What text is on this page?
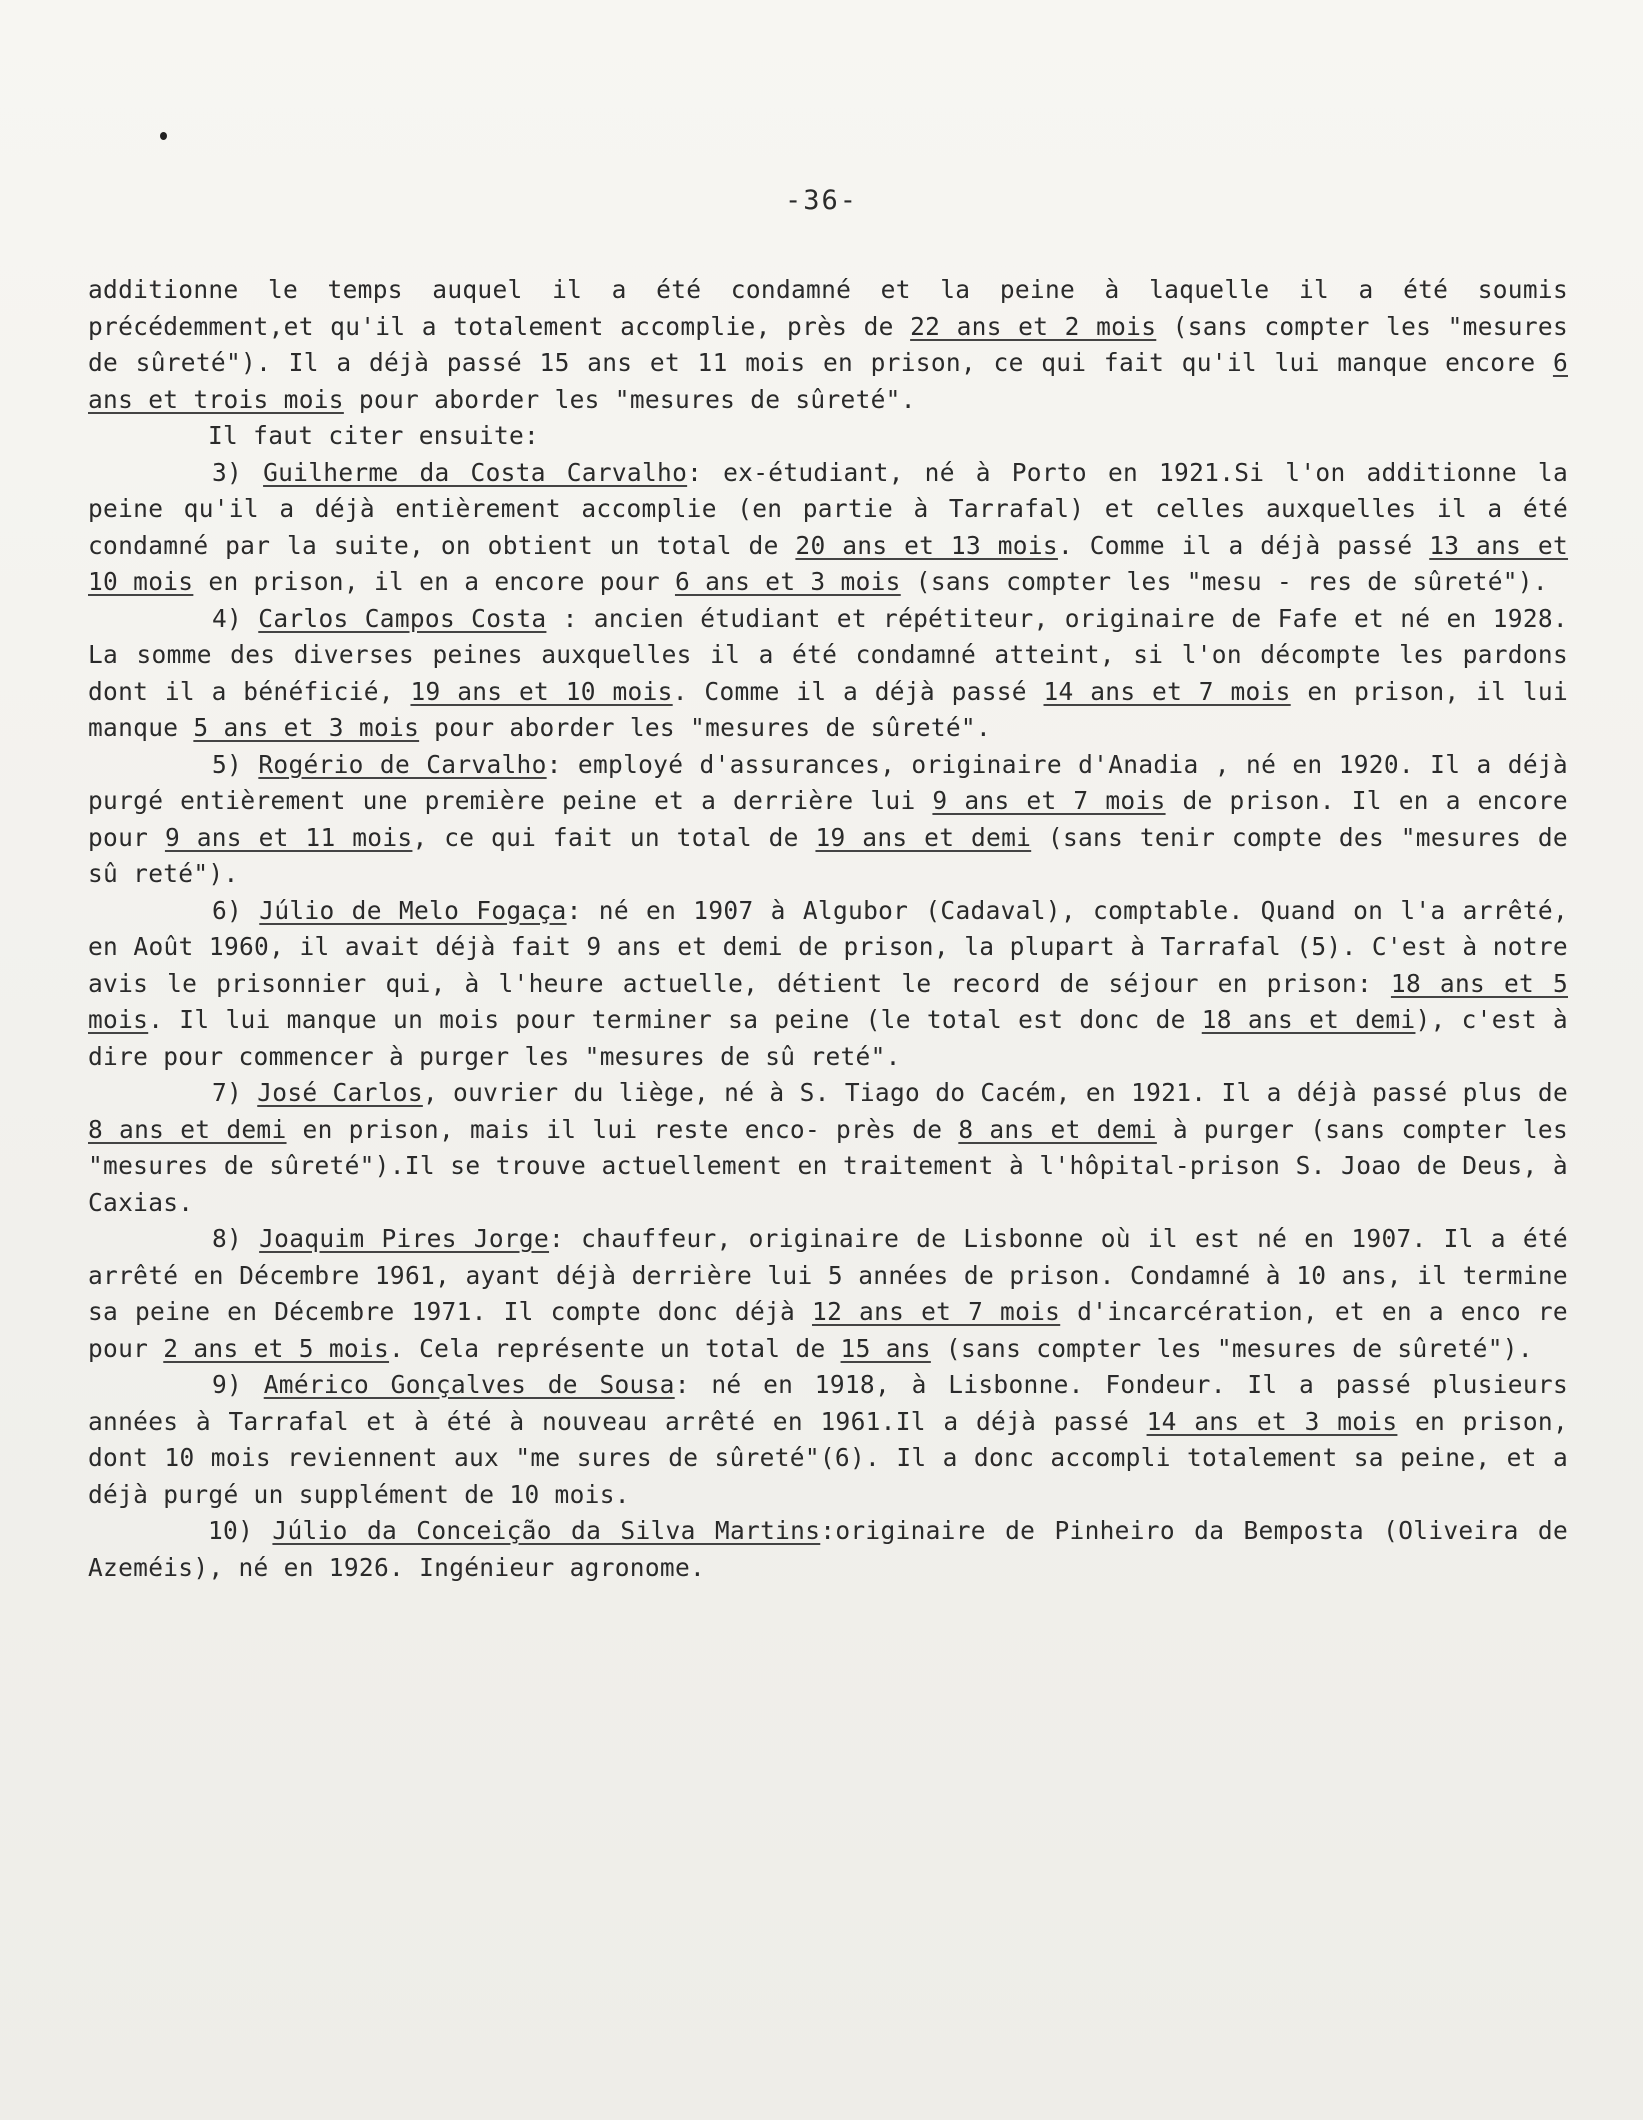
-36-

additionne le temps auquel il a été condamné et la peine à laquelle il a été soumis précédemment,et qu'il a totalement accomplie, près de 22 ans et 2 mois (sans compter les "mesures de sûreté"). Il a déjà passé 15 ans et 11 mois en prison, ce qui fait qu'il lui manque encore 6 ans et trois mois pour aborder les "mesures de sûreté".

Il faut citer ensuite:

3) Guilherme da Costa Carvalho: ex-étudiant, né à Porto en 1921.Si l'on additionne la peine qu'il a déjà entièrement accomplie (en partie à Tarrafal) et celles auxquelles il a été condamné par la suite, on obtient un total de 20 ans et 13 mois. Comme il a déjà passé 13 ans et 10 mois en prison, il en a encore pour 6 ans et 3 mois (sans compter les "mesu - res de sûreté").

4) Carlos Campos Costa : ancien étudiant et répétiteur, originaire de Fafe et né en 1928. La somme des diverses peines auxquelles il a été condamné atteint, si l'on décompte les pardons dont il a bénéficié, 19 ans et 10 mois. Comme il a déjà passé 14 ans et 7 mois en prison, il lui manque 5 ans et 3 mois pour aborder les "mesures de sûreté".

5) Rogério de Carvalho: employé d'assurances, originaire d'Anadia , né en 1920. Il a déjà purgé entièrement une première peine et a derrière lui 9 ans et 7 mois de prison. Il en a encore pour 9 ans et 11 mois, ce qui fait un total de 19 ans et demi (sans tenir compte des "mesures de sû reté").

6) Júlio de Melo Fogaça: né en 1907 à Algubor (Cadaval), comptable. Quand on l'a arrêté, en Août 1960, il avait déjà fait 9 ans et demi de prison, la plupart à Tarrafal (5). C'est à notre avis le prisonnier qui, à l'heure actuelle, détient le record de séjour en prison: 18 ans et 5 mois. Il lui manque un mois pour terminer sa peine (le total est donc de 18 ans et demi), c'est à dire pour commencer à purger les "mesures de sû reté".

7) José Carlos, ouvrier du liège, né à S. Tiago do Cacém, en 1921. Il a déjà passé plus de 8 ans et demi en prison, mais il lui reste enco- près de 8 ans et demi à purger (sans compter les "mesures de sûreté").Il se trouve actuellement en traitement à l'hôpital-prison S. Joao de Deus, à Caxias.

8) Joaquim Pires Jorge: chauffeur, originaire de Lisbonne où il est né en 1907. Il a été arrêté en Décembre 1961, ayant déjà derrière lui 5 années de prison. Condamné à 10 ans, il termine sa peine en Décembre 1971. Il compte donc déjà 12 ans et 7 mois d'incarcération, et en a enco re pour 2 ans et 5 mois. Cela représente un total de 15 ans (sans compter les "mesures de sûreté").

9) Américo Gonçalves de Sousa: né en 1918, à Lisbonne. Fondeur. Il a passé plusieurs années à Tarrafal et à été à nouveau arrêté en 1961.Il a déjà passé 14 ans et 3 mois en prison, dont 10 mois reviennent aux "me sures de sûreté"(6). Il a donc accompli totalement sa peine, et a déjà purgé un supplément de 10 mois.

10) Júlio da Conceição da Silva Martins:originaire de Pinheiro da Bemposta (Oliveira de Azeméis), né en 1926. Ingénieur agronome.
